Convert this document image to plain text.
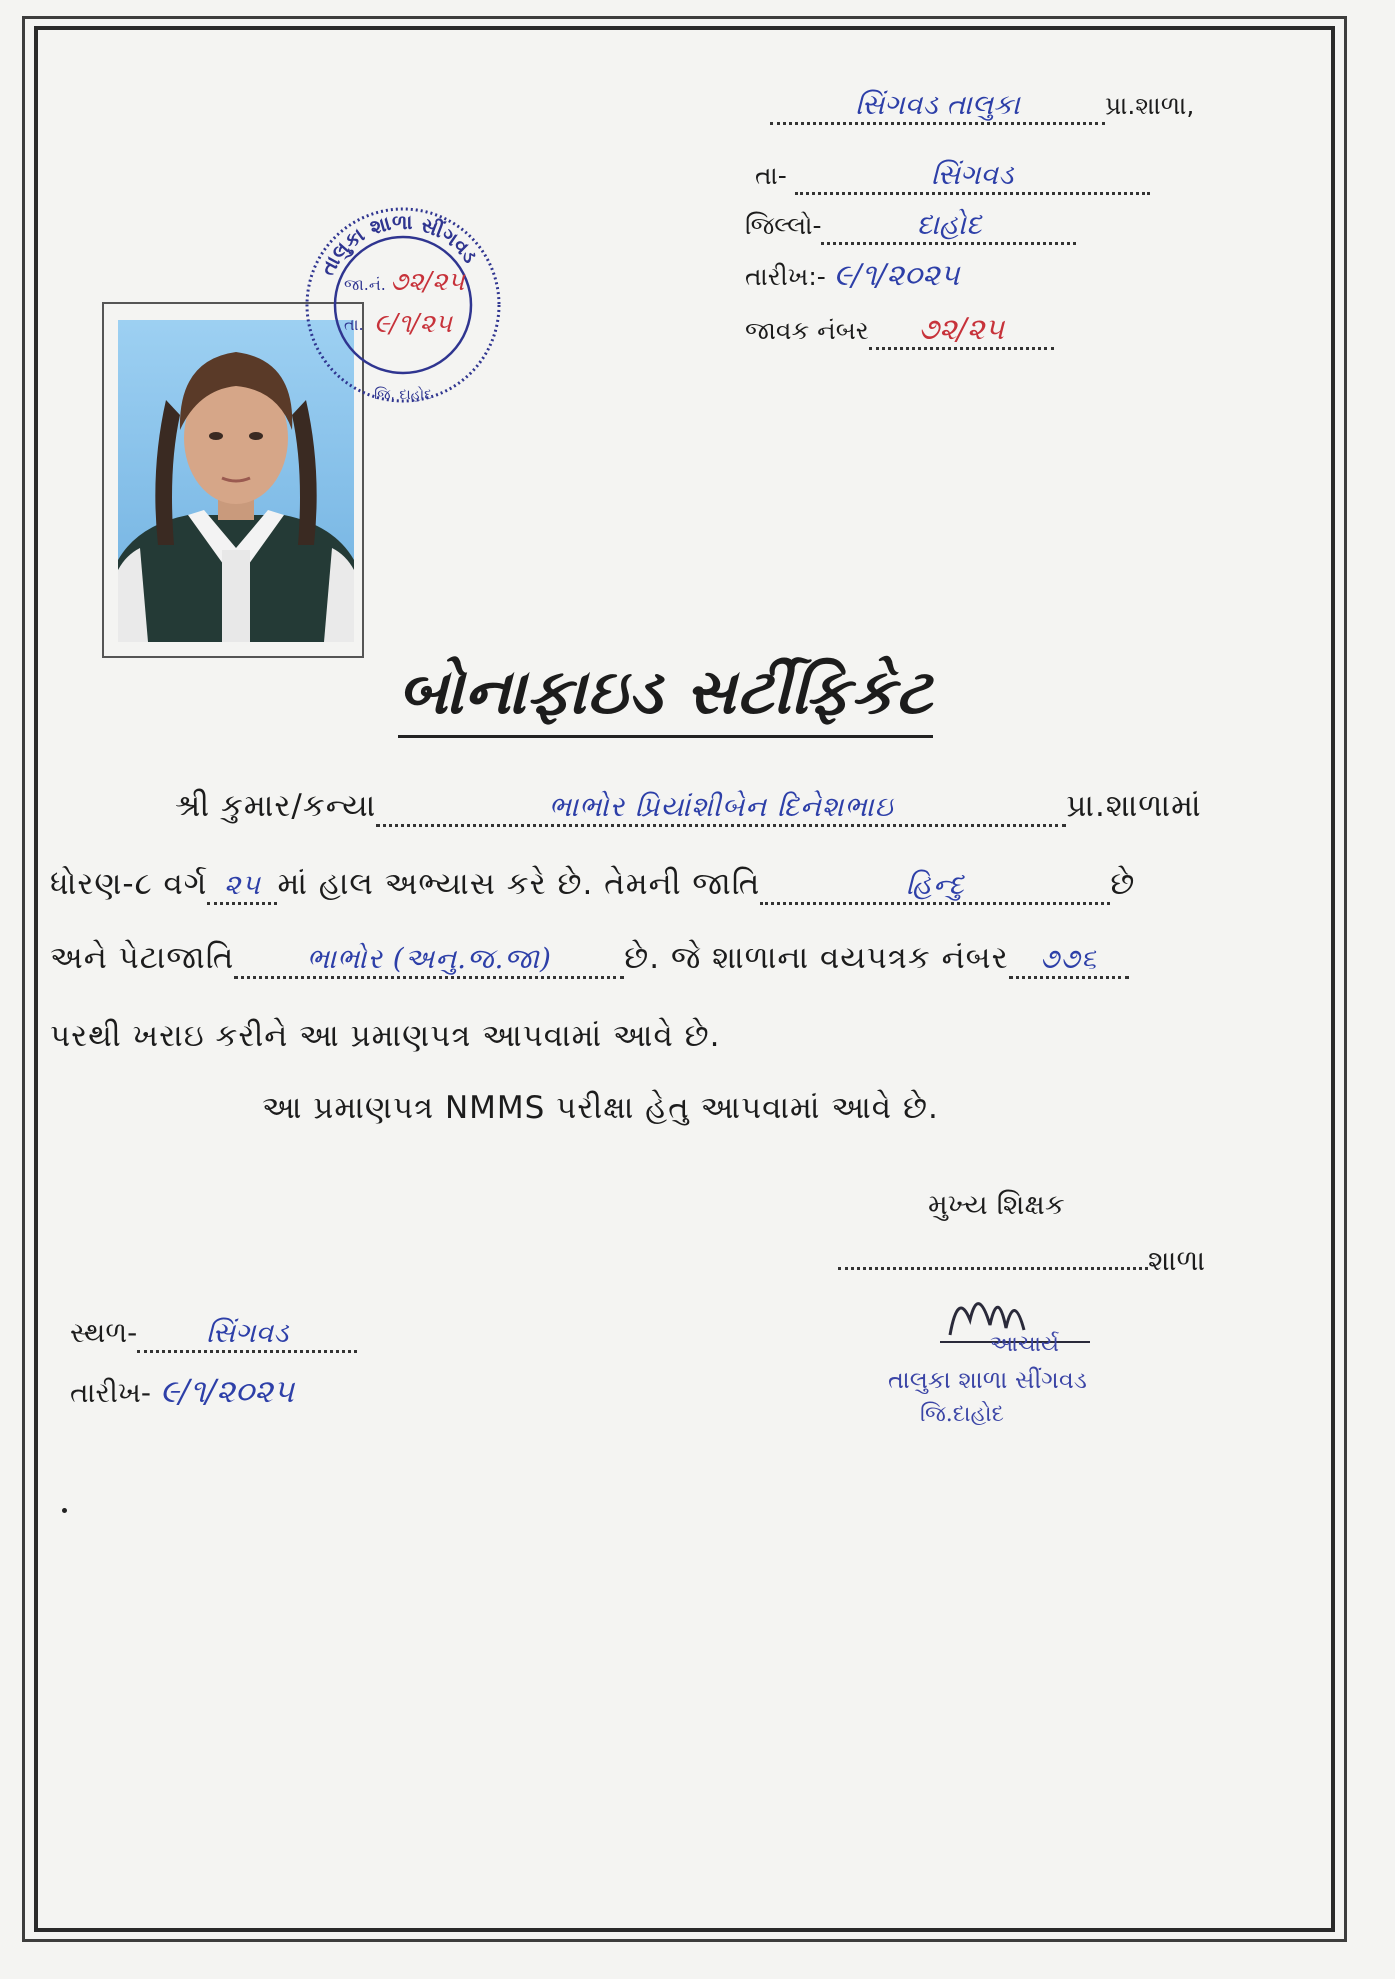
સિંગવડ તાલુકા	પ્રા.શાળા,
તા-	સિંગવડ
જિલ્લો-	દાહોદ
તારીખ:- ૯/૧/૨૦૨૫
જાવક નંબર ૭૨/૨૫
તાલુકા શાળા સીંગવડ
જિ. દાહોદ
જા.નં. ૭૨/૨૫
તા. ૯/૧/૨૫
બોનાફાઇડ સર્ટીફિકેટ
શ્રી કુમાર/કન્યા	ભાભોર પ્રિયાંશીબેન દિનેશભાઇ	પ્રા.શાળામાં
ધોરણ-૮ વર્ગ ૨૫ માં હાલ અભ્યાસ કરે છે. તેમની જાતિ	હિન્દુ	છે
અને પેટાજાતિ	ભાભોર (અનુ.જ.જા) છે. જે શાળાના વયપત્રક નંબર ૭૭૬
પરથી ખરાઇ કરીને આ પ્રમાણપત્ર આપવામાં આવે છે.
આ પ્રમાણપત્ર NMMS પરીક્ષા હેતુ આપવામાં આવે છે.
મુખ્ય શિક્ષક
શાળા
આચાર્ય
તાલુકા શાળા સીંગવડ
જિ.દાહોદ
સ્થળ- સિંગવડ
તારીખ- ૯/૧/૨૦૨૫
